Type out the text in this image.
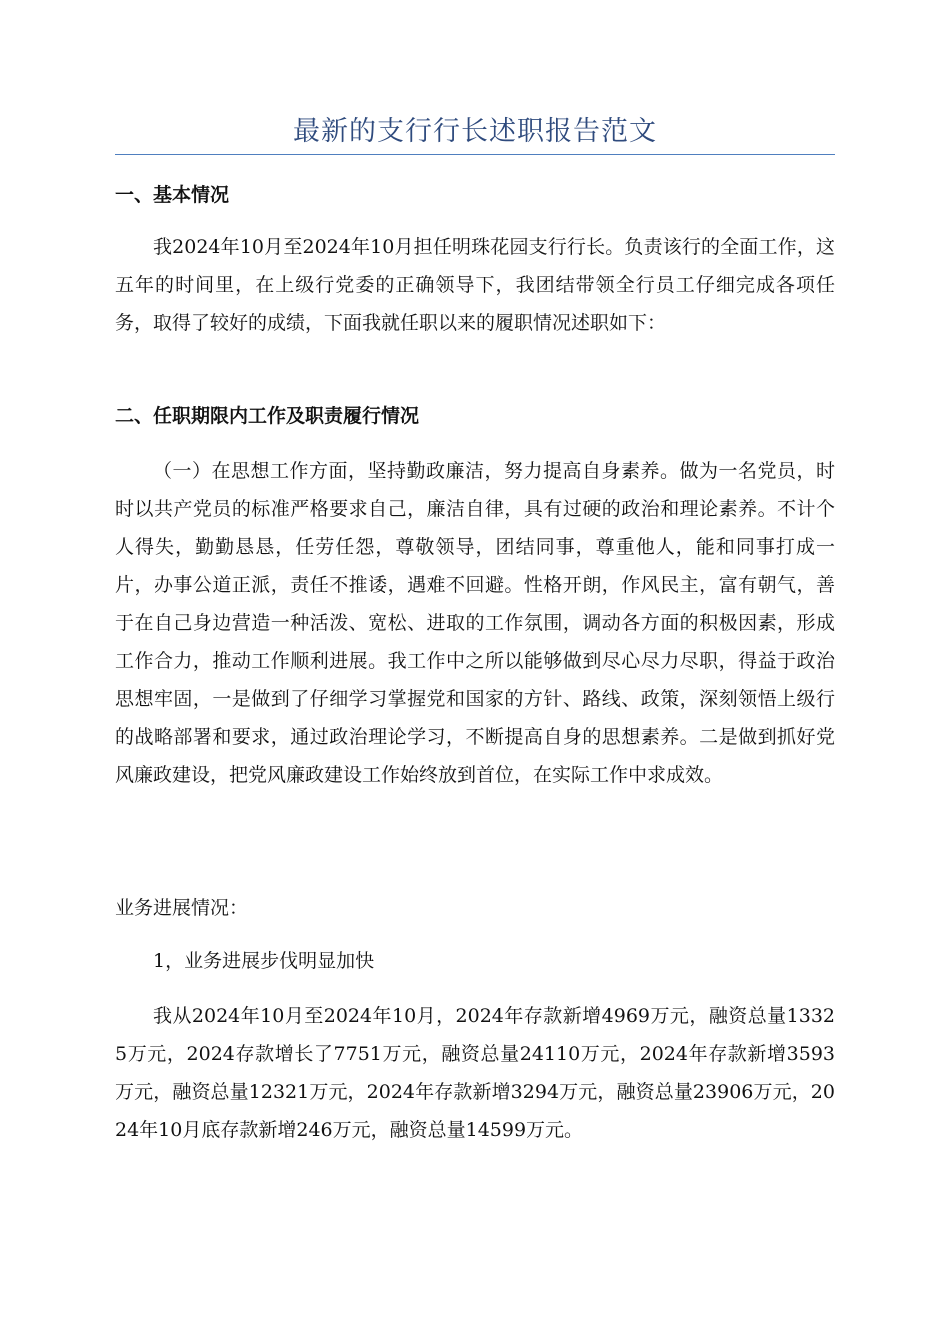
最新的支行行长述职报告范文
一、基本情况
我2024年10月至2024年10月担任明珠花园支行行长。负责该行的全面工作，这五年的时间里，在上级行党委的正确领导下，我团结带领全行员工仔细完成各项任务，取得了较好的成绩，下面我就任职以来的履职情况述职如下：
二、任职期限内工作及职责履行情况
（一）在思想工作方面，坚持勤政廉洁，努力提高自身素养。做为一名党员，时时以共产党员的标准严格要求自己，廉洁自律，具有过硬的政治和理论素养。不计个人得失，勤勤恳恳，任劳任怨，尊敬领导，团结同事，尊重他人，能和同事打成一片，办事公道正派，责任不推诿，遇难不回避。性格开朗，作风民主，富有朝气，善于在自己身边营造一种活泼、宽松、进取的工作氛围，调动各方面的积极因素，形成工作合力，推动工作顺利进展。我工作中之所以能够做到尽心尽力尽职，得益于政治思想牢固，一是做到了仔细学习掌握党和国家的方针、路线、政策，深刻领悟上级行的战略部署和要求，通过政治理论学习，不断提高自身的思想素养。二是做到抓好党风廉政建设，把党风廉政建设工作始终放到首位，在实际工作中求成效。
业务进展情况：
1，业务进展步伐明显加快
我从2024年10月至2024年10月，2024年存款新增4969万元，融资总量13325万元，2024存款增长了7751万元，融资总量24110万元，2024年存款新增3593万元，融资总量12321万元，2024年存款新增3294万元，融资总量23906万元，2024年10月底存款新增246万元，融资总量14599万元。
